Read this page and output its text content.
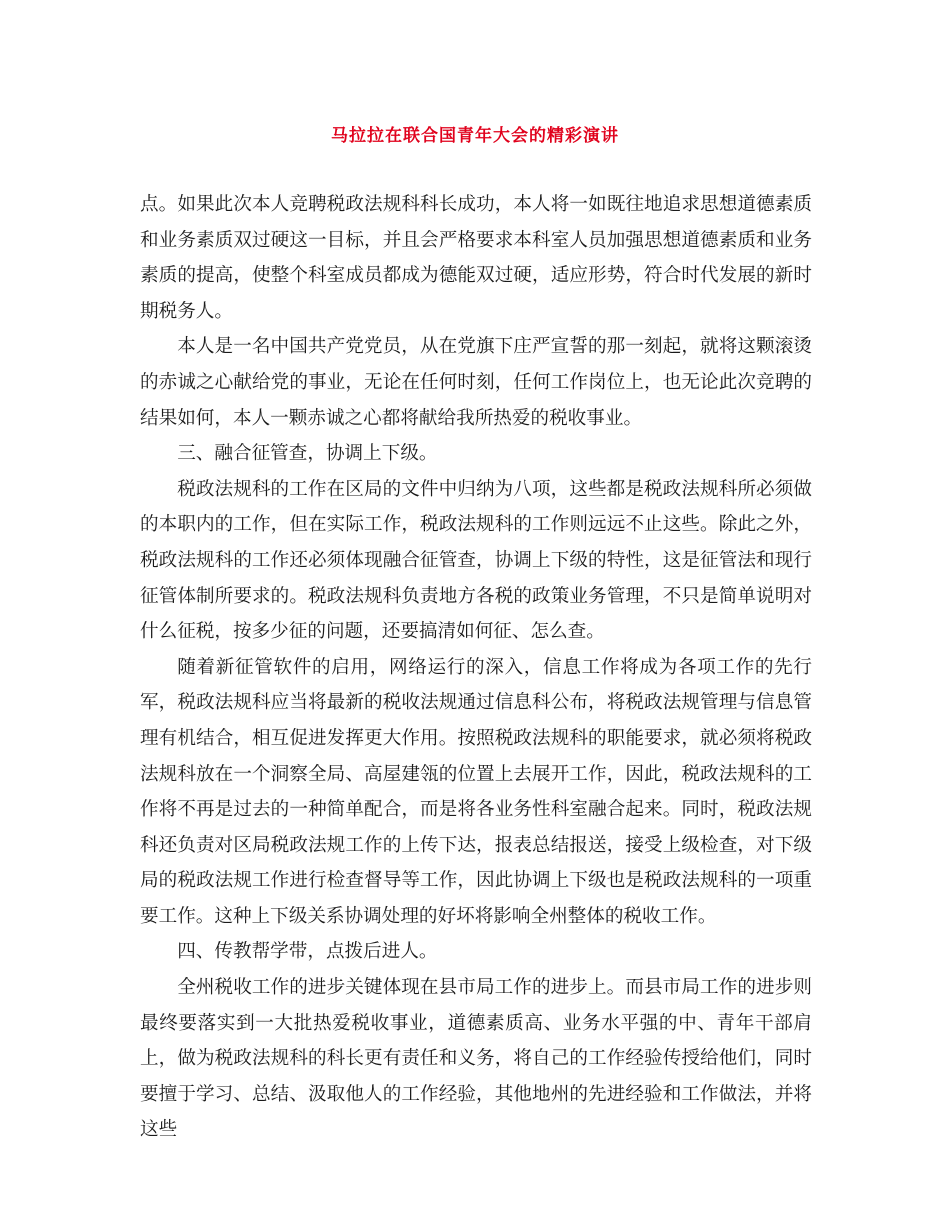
马拉拉在联合国青年大会的精彩演讲

点。如果此次本人竞聘税政法规科科长成功，本人将一如既往地追求思想道德素质和业务素质双过硬这一目标，并且会严格要求本科室人员加强思想道德素质和业务素质的提高，使整个科室成员都成为德能双过硬，适应形势，符合时代发展的新时期税务人。

本人是一名中国共产党党员，从在党旗下庄严宣誓的那一刻起，就将这颗滚烫的赤诚之心献给党的事业，无论在任何时刻，任何工作岗位上，也无论此次竞聘的结果如何，本人一颗赤诚之心都将献给我所热爱的税收事业。

三、融合征管查，协调上下级。

税政法规科的工作在区局的文件中归纳为八项，这些都是税政法规科所必须做的本职内的工作，但在实际工作，税政法规科的工作则远远不止这些。除此之外，税政法规科的工作还必须体现融合征管查，协调上下级的特性，这是征管法和现行征管体制所要求的。税政法规科负责地方各税的政策业务管理，不只是简单说明对什么征税，按多少征的问题，还要搞清如何征、怎么查。

随着新征管软件的启用，网络运行的深入，信息工作将成为各项工作的先行军，税政法规科应当将最新的税收法规通过信息科公布，将税政法规管理与信息管理有机结合，相互促进发挥更大作用。按照税政法规科的职能要求，就必须将税政法规科放在一个洞察全局、高屋建瓴的位置上去展开工作，因此，税政法规科的工作将不再是过去的一种简单配合，而是将各业务性科室融合起来。同时，税政法规科还负责对区局税政法规工作的上传下达，报表总结报送，接受上级检查，对下级局的税政法规工作进行检查督导等工作，因此协调上下级也是税政法规科的一项重要工作。这种上下级关系协调处理的好坏将影响全州整体的税收工作。

四、传教帮学带，点拨后进人。

全州税收工作的进步关键体现在县市局工作的进步上。而县市局工作的进步则最终要落实到一大批热爱税收事业，道德素质高、业务水平强的中、青年干部肩上，做为税政法规科的科长更有责任和义务，将自己的工作经验传授给他们，同时要擅于学习、总结、汲取他人的工作经验，其他地州的先进经验和工作做法，并将这些
